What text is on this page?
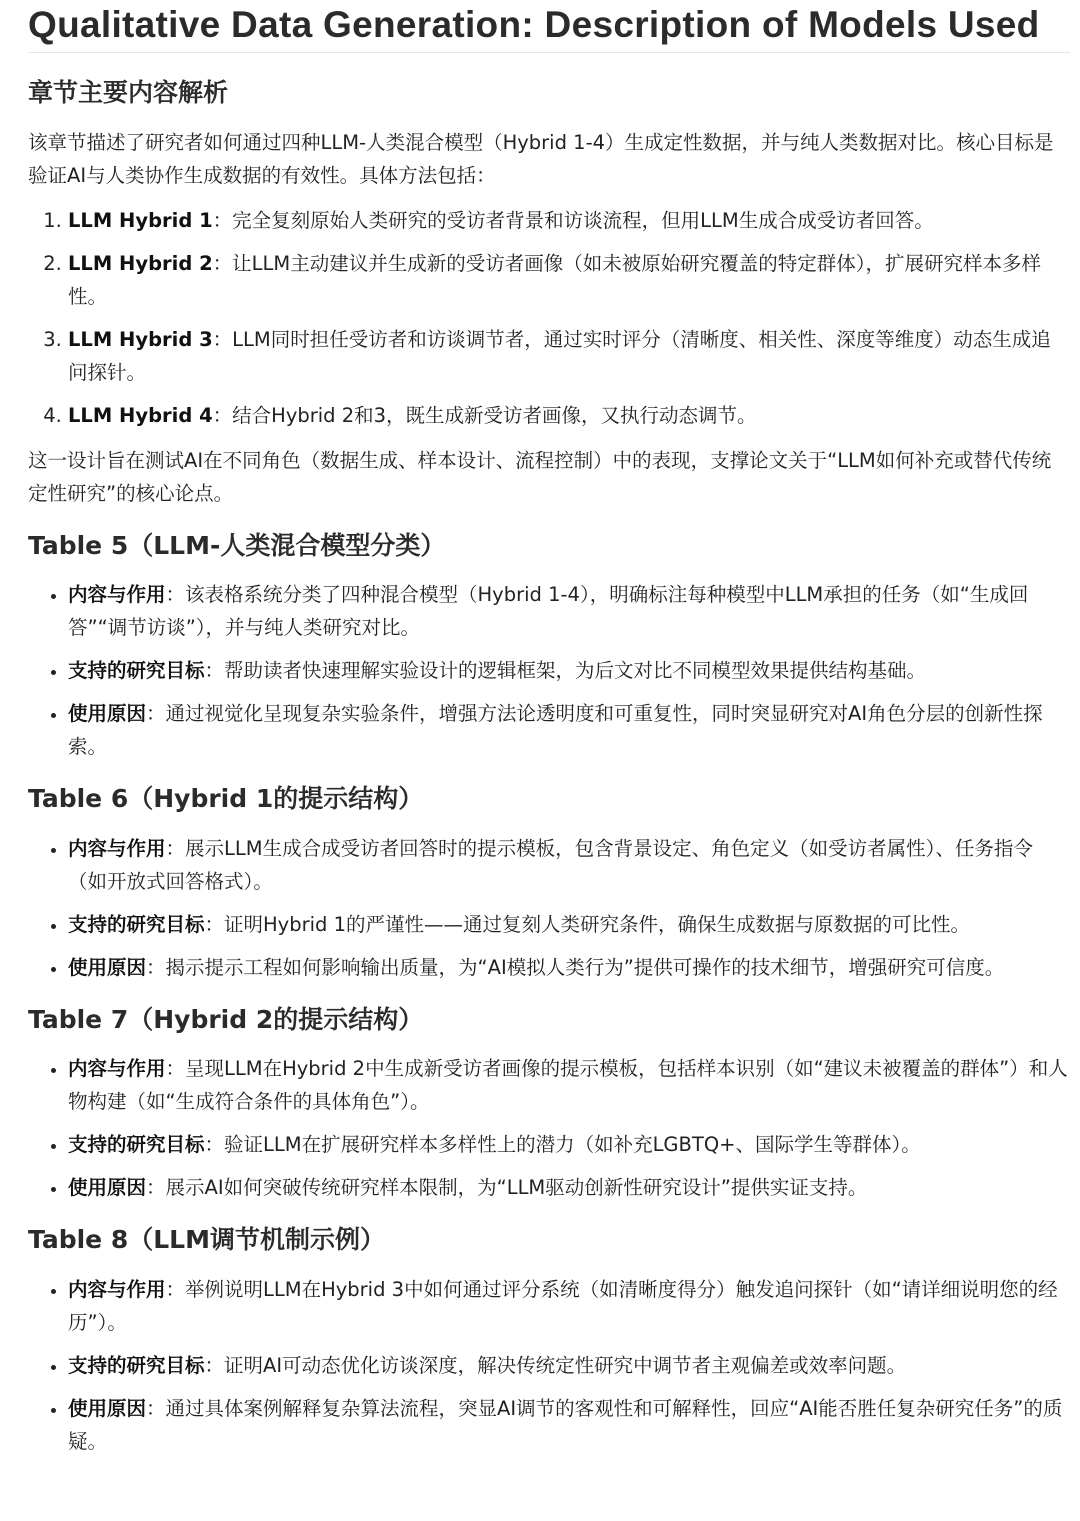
Qualitative Data Generation: Description of Models Used
章节主要内容解析

该章节描述了研究者如何通过四种LLM-人类混合模型（Hybrid 1-4）生成定性数据，并与纯人类数据对比。核心目标是验证AI与人类协作生成数据的有效性。具体方法包括：

1. LLM Hybrid 1：完全复刻原始人类研究的受访者背景和访谈流程，但用LLM生成合成受访者回答。
2. LLM Hybrid 2：让LLM主动建议并生成新的受访者画像（如未被原始研究覆盖的特定群体），扩展研究样本多样性。
3. LLM Hybrid 3：LLM同时担任受访者和访谈调节者，通过实时评分（清晰度、相关性、深度等维度）动态生成追问探针。
4. LLM Hybrid 4：结合Hybrid 2和3，既生成新受访者画像，又执行动态调节。

这一设计旨在测试AI在不同角色（数据生成、样本设计、流程控制）中的表现，支撑论文关于“LLM如何补充或替代传统定性研究”的核心论点。

Table 5（LLM-人类混合模型分类）
• 内容与作用：该表格系统分类了四种混合模型（Hybrid 1-4），明确标注每种模型中LLM承担的任务（如“生成回答”“调节访谈”），并与纯人类研究对比。
• 支持的研究目标：帮助读者快速理解实验设计的逻辑框架，为后文对比不同模型效果提供结构基础。
• 使用原因：通过视觉化呈现复杂实验条件，增强方法论透明度和可重复性，同时突显研究对AI角色分层的创新性探索。
Table 6（Hybrid 1的提示结构）
• 内容与作用：展示LLM生成合成受访者回答时的提示模板，包含背景设定、角色定义（如受访者属性）、任务指令（如开放式回答格式）。
• 支持的研究目标：证明Hybrid 1的严谨性——通过复刻人类研究条件，确保生成数据与原数据的可比性。
• 使用原因：揭示提示工程如何影响输出质量，为“AI模拟人类行为”提供可操作的技术细节，增强研究可信度。
Table 7（Hybrid 2的提示结构）
• 内容与作用：呈现LLM在Hybrid 2中生成新受访者画像的提示模板，包括样本识别（如“建议未被覆盖的群体”）和人物构建（如“生成符合条件的具体角色”）。
• 支持的研究目标：验证LLM在扩展研究样本多样性上的潜力（如补充LGBTQ+、国际学生等群体）。
• 使用原因：展示AI如何突破传统研究样本限制，为“LLM驱动创新性研究设计”提供实证支持。
Table 8（LLM调节机制示例）
• 内容与作用：举例说明LLM在Hybrid 3中如何通过评分系统（如清晰度得分）触发追问探针（如“请详细说明您的经历”）。
• 支持的研究目标：证明AI可动态优化访谈深度，解决传统定性研究中调节者主观偏差或效率问题。
• 使用原因：通过具体案例解释复杂算法流程，突显AI调节的客观性和可解释性，回应“AI能否胜任复杂研究任务”的质疑。
